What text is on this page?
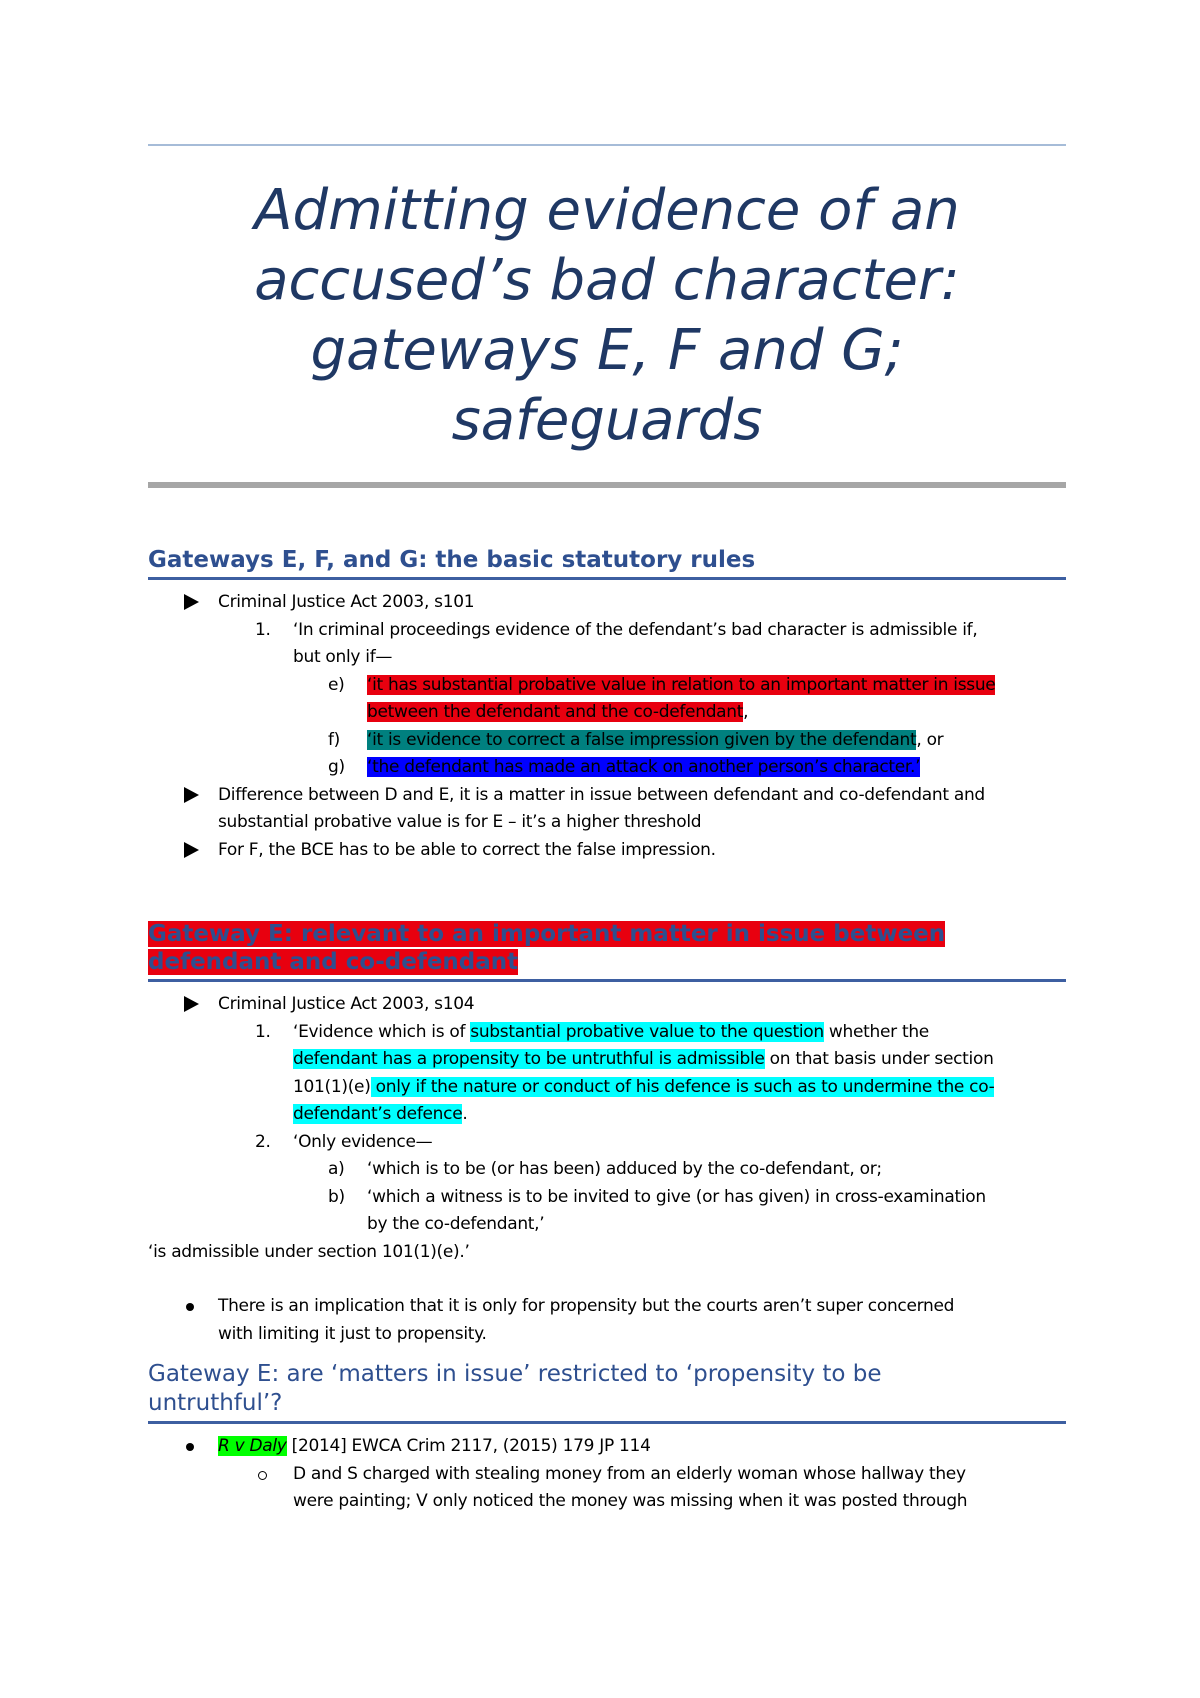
Admitting evidence of an accused’s bad character: gateways E, F and G; safeguards
Gateways E, F, and G: the basic statutory rules
Criminal Justice Act 2003, s101
1. ‘In criminal proceedings evidence of the defendant’s bad character is admissible if,
but only if—
e) ‘it has substantial probative value in relation to an important matter in issue
between the defendant and the co-defendant,
f) ‘it is evidence to correct a false impression given by the defendant, or
g) ‘the defendant has made an attack on another person’s character.’
Difference between D and E, it is a matter in issue between defendant and co-defendant and
substantial probative value is for E – it’s a higher threshold
For F, the BCE has to be able to correct the false impression.
Gateway E: relevant to an important matter in issue between
defendant and co-defendant
Criminal Justice Act 2003, s104
1. ‘Evidence which is of substantial probative value to the question whether the
defendant has a propensity to be untruthful is admissible on that basis under section
101(1)(e) only if the nature or conduct of his defence is such as to undermine the co-
defendant’s defence.
2. ‘Only evidence—
a) ‘which is to be (or has been) adduced by the co-defendant, or;
b) ‘which a witness is to be invited to give (or has given) in cross-examination
by the co-defendant,’
‘is admissible under section 101(1)(e).’
There is an implication that it is only for propensity but the courts aren’t super concerned
with limiting it just to propensity.
Gateway E: are ‘matters in issue’ restricted to ‘propensity to be
untruthful’?
R v Daly [2014] EWCA Crim 2117, (2015) 179 JP 114
D and S charged with stealing money from an elderly woman whose hallway they
were painting; V only noticed the money was missing when it was posted through
